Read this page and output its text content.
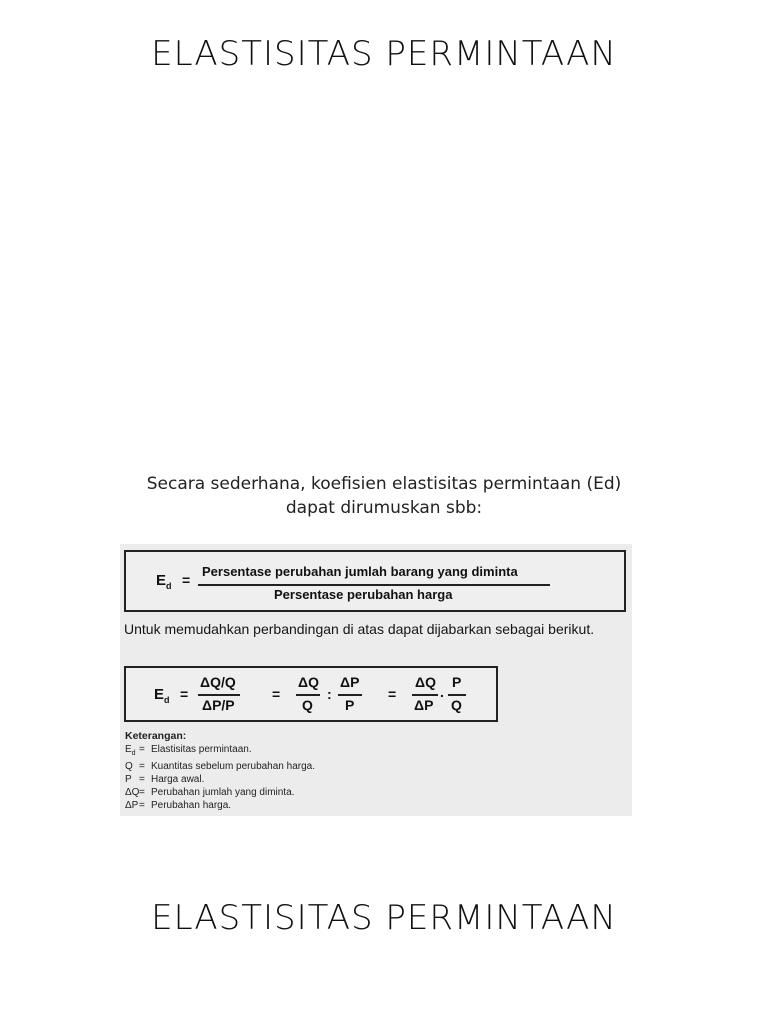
ELASTISITAS PERMINTAAN
Secara sederhana, koefisien elastisitas permintaan (Ed)
dapat dirumuskan sbb:
$E_d$ =
Persentase perubahan jumlah barang yang diminta
Persentase perubahan harga
Untuk memudahkan perbandingan di atas dapat dijabarkan sebagai berikut.
$E_d$ =
ΔQ/Q
ΔP/P
=
ΔQ
Q
:
ΔP
P
=
ΔQ
ΔP
.
P
Q
Keterangan:
$E_d$ = Elastisitas permintaan.
Q = Kuantitas sebelum perubahan harga.
P = Harga awal.
ΔQ = Perubahan jumlah yang diminta.
ΔP = Perubahan harga.
ELASTISITAS PERMINTAAN
